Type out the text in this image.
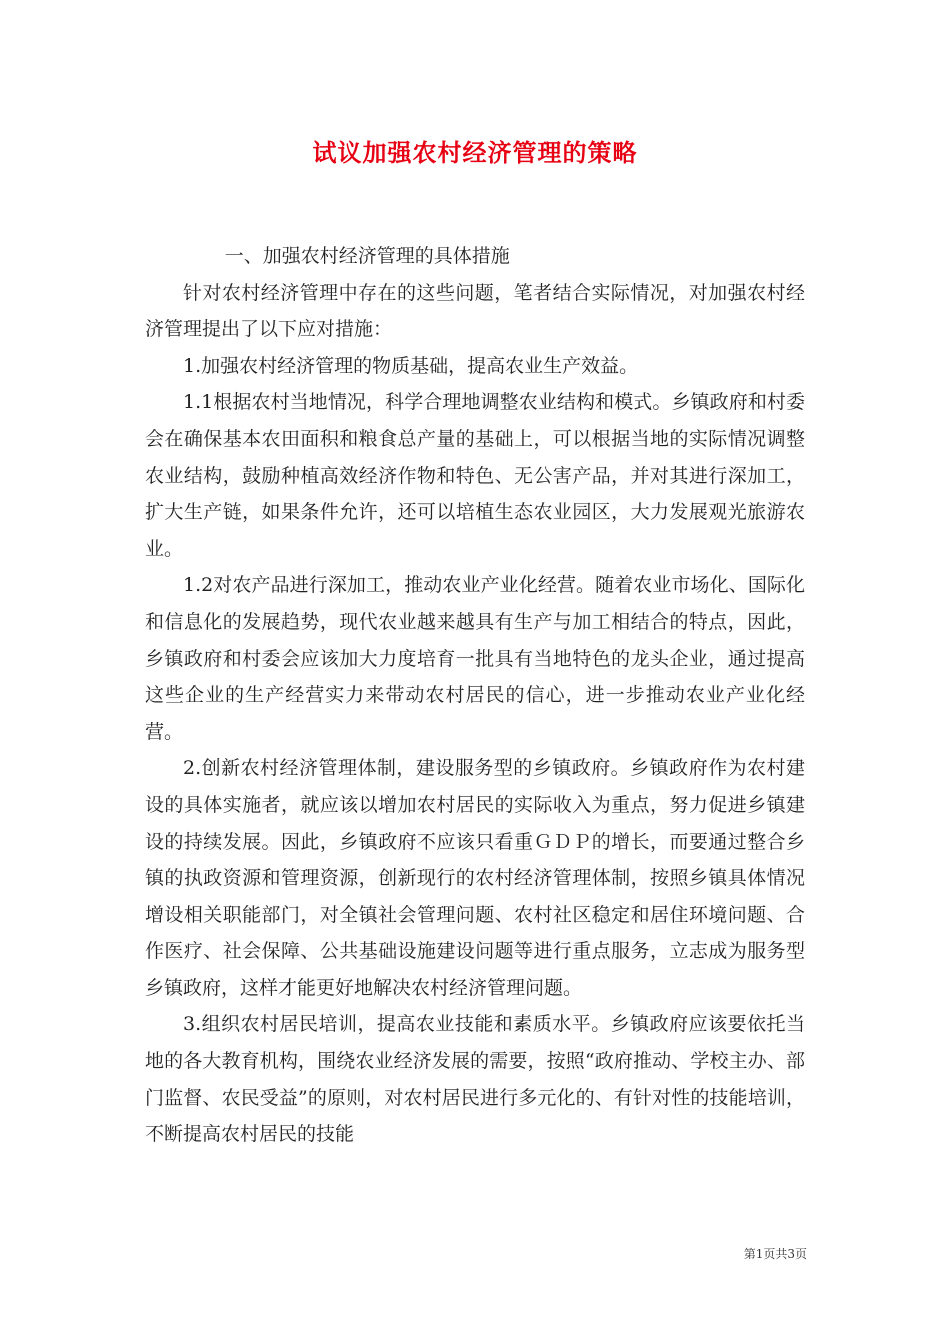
试议加强农村经济管理的策略

一、加强农村经济管理的具体措施

针对农村经济管理中存在的这些问题，笔者结合实际情况，对加强农村经济管理提出了以下应对措施：

1.加强农村经济管理的物质基础，提高农业生产效益。

1.1根据农村当地情况，科学合理地调整农业结构和模式。乡镇政府和村委会在确保基本农田面积和粮食总产量的基础上，可以根据当地的实际情况调整农业结构，鼓励种植高效经济作物和特色、无公害产品，并对其进行深加工，扩大生产链，如果条件允许，还可以培植生态农业园区，大力发展观光旅游农业。

1.2对农产品进行深加工，推动农业产业化经营。随着农业市场化、国际化和信息化的发展趋势，现代农业越来越具有生产与加工相结合的特点，因此，乡镇政府和村委会应该加大力度培育一批具有当地特色的龙头企业，通过提高这些企业的生产经营实力来带动农村居民的信心，进一步推动农业产业化经营。

2.创新农村经济管理体制，建设服务型的乡镇政府。乡镇政府作为农村建设的具体实施者，就应该以增加农村居民的实际收入为重点，努力促进乡镇建设的持续发展。因此，乡镇政府不应该只看重ＧＤＰ的增长，而要通过整合乡镇的执政资源和管理资源，创新现行的农村经济管理体制，按照乡镇具体情况增设相关职能部门，对全镇社会管理问题、农村社区稳定和居住环境问题、合作医疗、社会保障、公共基础设施建设问题等进行重点服务，立志成为服务型乡镇政府，这样才能更好地解决农村经济管理问题。

3.组织农村居民培训，提高农业技能和素质水平。乡镇政府应该要依托当地的各大教育机构，围绕农业经济发展的需要，按照“政府推动、学校主办、部门监督、农民受益”的原则，对农村居民进行多元化的、有针对性的技能培训，不断提高农村居民的技能

第1页共3页
